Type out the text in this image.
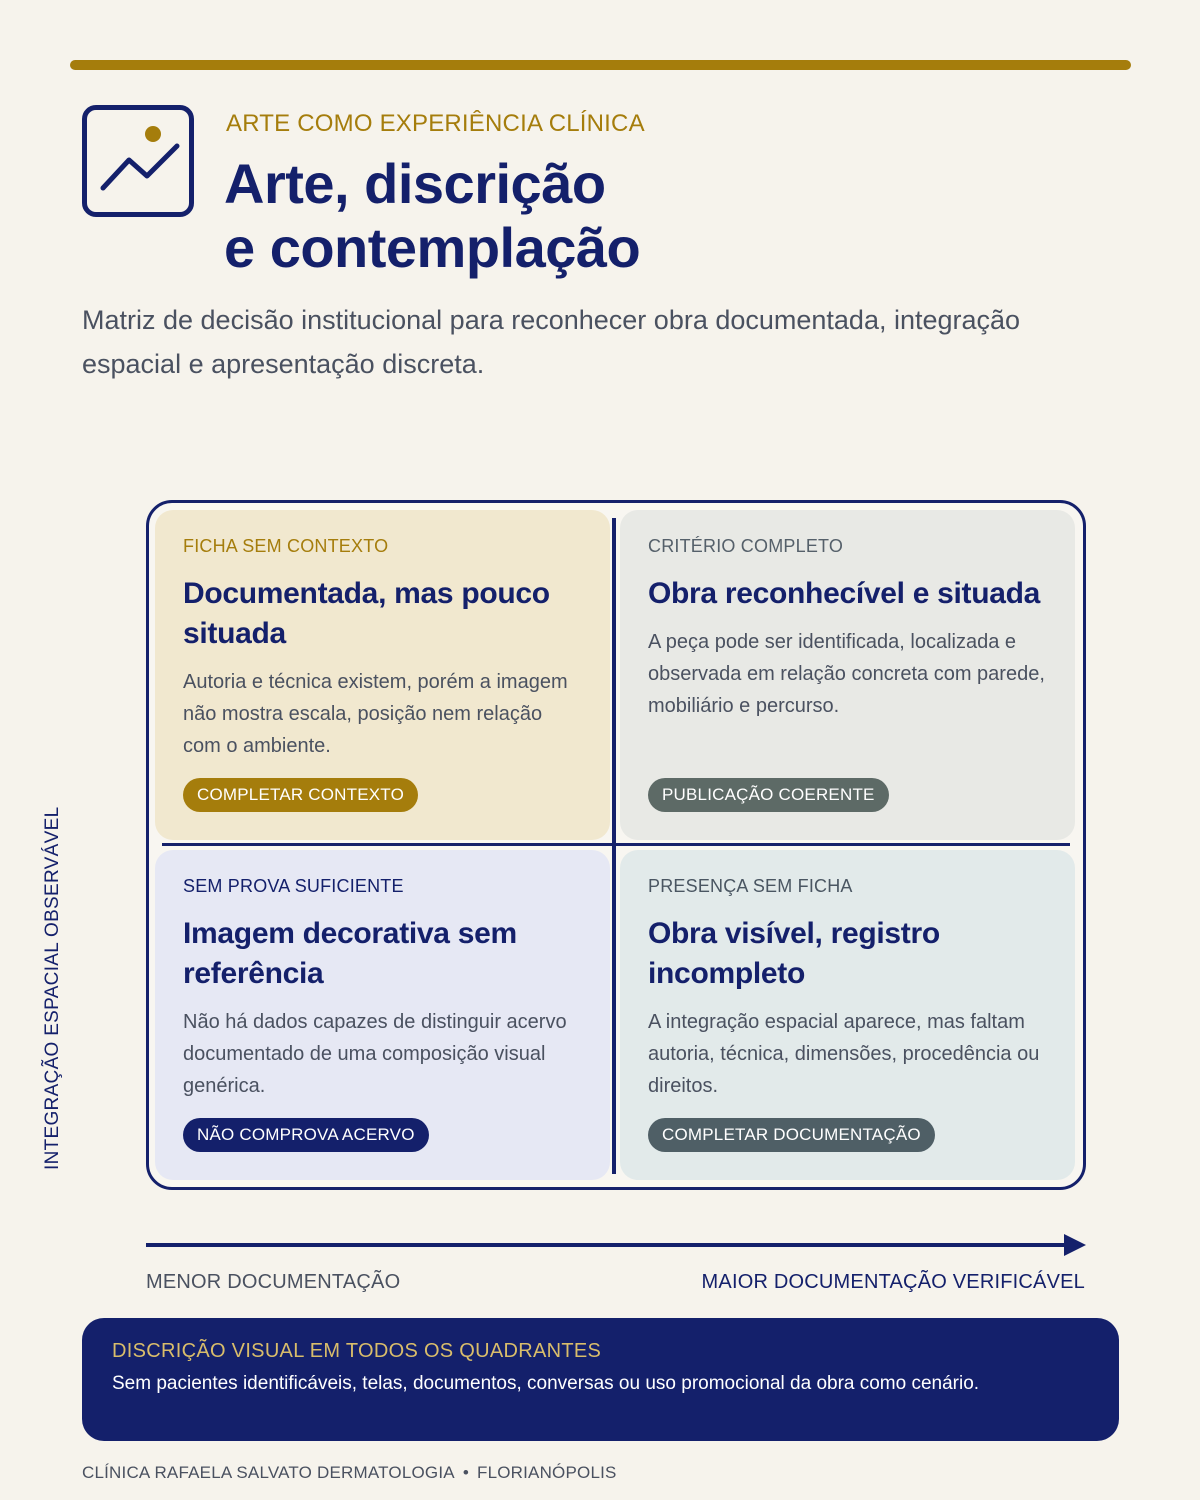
ARTE COMO EXPERIÊNCIA CLÍNICA
Arte, discrição
e contemplação
Matriz de decisão institucional para reconhecer obra documentada, integração espacial e apresentação discreta.
FICHA SEM CONTEXTO
Documentada, mas pouco situada
Autoria e técnica existem, porém a imagem não mostra escala, posição nem relação com o ambiente.
COMPLETAR CONTEXTO
CRITÉRIO COMPLETO
Obra reconhecível e situada
A peça pode ser identificada, localizada e observada em relação concreta com parede, mobiliário e percurso.
PUBLICAÇÃO COERENTE
SEM PROVA SUFICIENTE
Imagem decorativa sem referência
Não há dados capazes de distinguir acervo documentado de uma composição visual genérica.
NÃO COMPROVA ACERVO
PRESENÇA SEM FICHA
Obra visível, registro incompleto
A integração espacial aparece, mas faltam autoria, técnica, dimensões, procedência ou direitos.
COMPLETAR DOCUMENTAÇÃO
INTEGRAÇÃO ESPACIAL OBSERVÁVEL
MENOR DOCUMENTAÇÃO	MAIOR DOCUMENTAÇÃO VERIFICÁVEL
DISCRIÇÃO VISUAL EM TODOS OS QUADRANTES
Sem pacientes identificáveis, telas, documentos, conversas ou uso promocional da obra como cenário.
CLÍNICA RAFAELA SALVATO DERMATOLOGIA • FLORIANÓPOLIS
